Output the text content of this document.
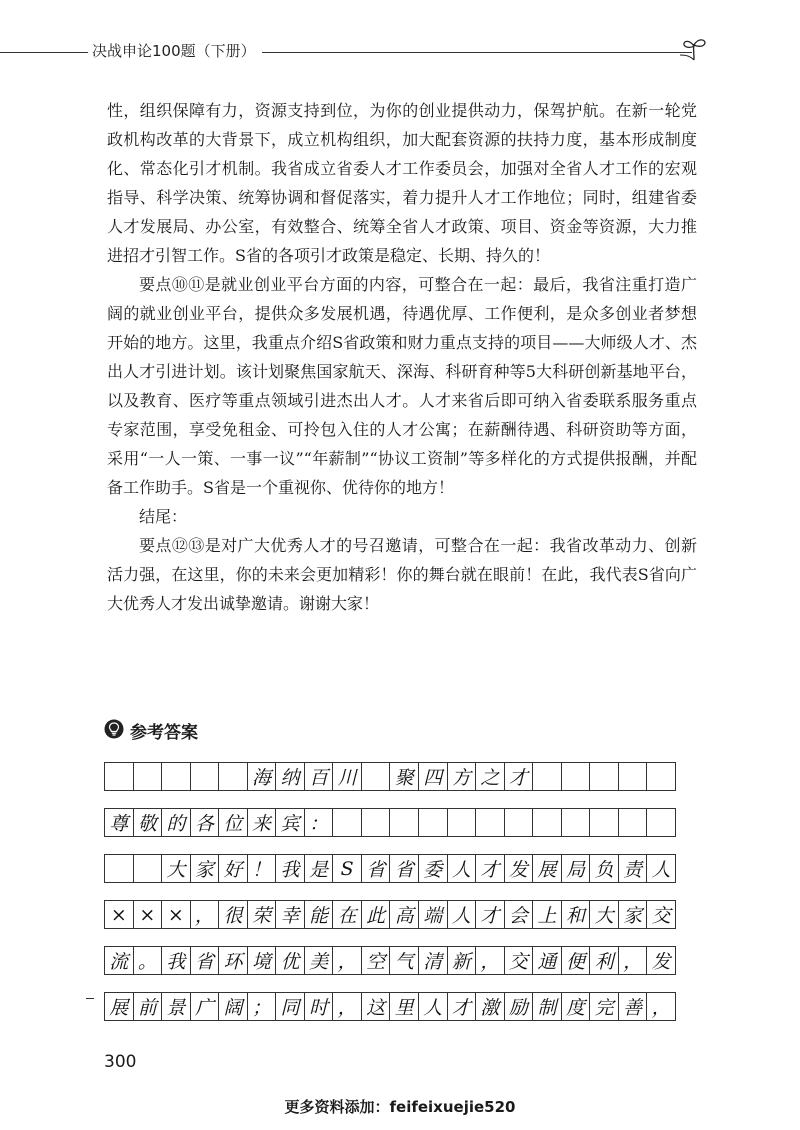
决战申论100题（下册）

性，组织保障有力，资源支持到位，为你的创业提供动力，保驾护航。在新一轮党政机构改革的大背景下，成立机构组织，加大配套资源的扶持力度，基本形成制度化、常态化引才机制。我省成立省委人才工作委员会，加强对全省人才工作的宏观指导、科学决策、统筹协调和督促落实，着力提升人才工作地位；同时，组建省委人才发展局、办公室，有效整合、统筹全省人才政策、项目、资金等资源，大力推进招才引智工作。S省的各项引才政策是稳定、长期、持久的！

要点⑩⑪是就业创业平台方面的内容，可整合在一起：最后，我省注重打造广阔的就业创业平台，提供众多发展机遇，待遇优厚、工作便利，是众多创业者梦想开始的地方。这里，我重点介绍S省政策和财力重点支持的项目——大师级人才、杰出人才引进计划。该计划聚焦国家航天、深海、科研育种等5大科研创新基地平台，以及教育、医疗等重点领域引进杰出人才。人才来省后即可纳入省委联系服务重点专家范围，享受免租金、可拎包入住的人才公寓；在薪酬待遇、科研资助等方面，采用“一人一策、一事一议”“年薪制”“协议工资制”等多样化的方式提供报酬，并配备工作助手。S省是一个重视你、优待你的地方！

结尾：

要点⑫⑬是对广大优秀人才的号召邀请，可整合在一起：我省改革动力、创新活力强，在这里，你的未来会更加精彩！你的舞台就在眼前！在此，我代表S省向广大优秀人才发出诚挚邀请。谢谢大家！

参考答案
海 纳 百 川 聚 四 方 之 才
尊 敬 的 各 位 来 宾 ：
大 家 好 ！ 我 是 S 省 省 委 人 才 发 展 局 负 责 人
× × × ， 很 荣 幸 能 在 此 高 端 人 才 会 上 和 大 家 交
流 。 我 省 环 境 优 美 ， 空 气 清 新 ， 交 通 便 利 ， 发
展 前 景 广 阔 ； 同 时 ， 这 里 人 才 激 励 制 度 完 善 ，
300
更多资料添加：feifeixuejie520
